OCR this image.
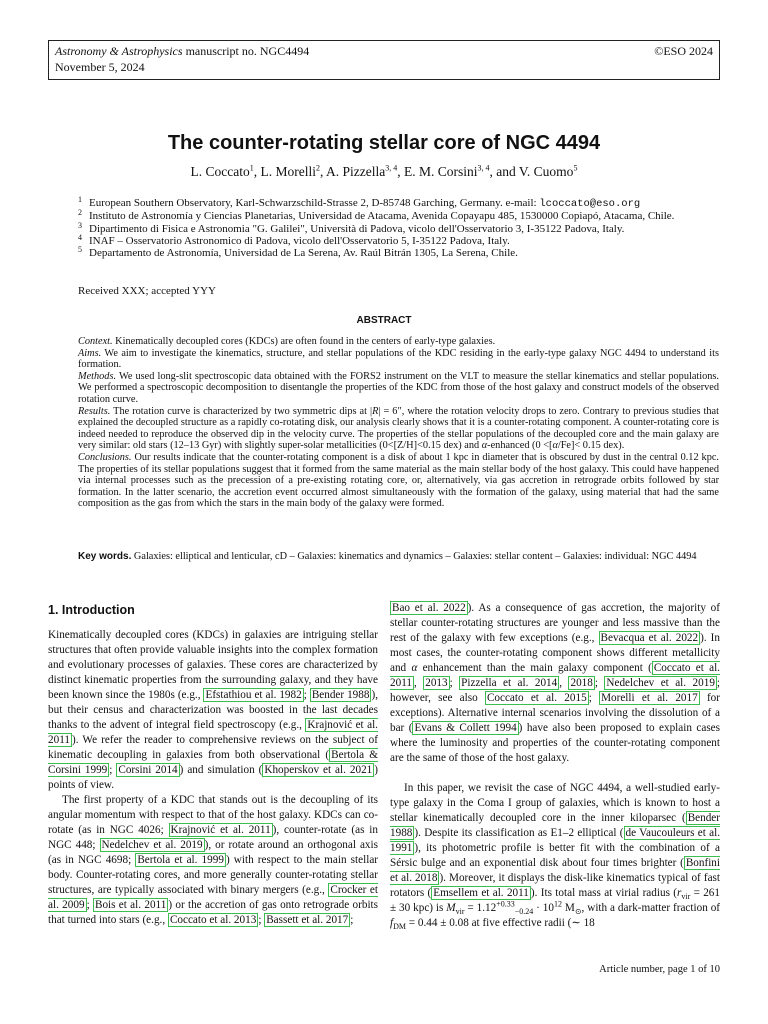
Astronomy & Astrophysics manuscript no. NGC4494
November 5, 2024
©ESO 2024
The counter-rotating stellar core of NGC 4494
L. Coccato$^1$, L. Morelli$^2$, A. Pizzella$^{3, 4}$, E. M. Corsini$^{3, 4}$, and V. Cuomo$^5$
1 European Southern Observatory, Karl-Schwarzschild-Strasse 2, D-85748 Garching, Germany. e-mail: lcoccato@eso.org
2 Instituto de Astronomía y Ciencias Planetarias, Universidad de Atacama, Avenida Copayapu 485, 1530000 Copiapó, Atacama, Chile.
3 Dipartimento di Fisica e Astronomia "G. Galilei", Università di Padova, vicolo dell'Osservatorio 3, I-35122 Padova, Italy.
4 INAF – Osservatorio Astronomico di Padova, vicolo dell'Osservatorio 5, I-35122 Padova, Italy.
5 Departamento de Astronomía, Universidad de La Serena, Av. Raúl Bitrán 1305, La Serena, Chile.
Received XXX; accepted YYY
ABSTRACT
Context. Kinematically decoupled cores (KDCs) are often found in the centers of early-type galaxies.
Aims. We aim to investigate the kinematics, structure, and stellar populations of the KDC residing in the early-type galaxy NGC 4494 to understand its formation.
Methods. We used long-slit spectroscopic data obtained with the FORS2 instrument on the VLT to measure the stellar kinematics and stellar populations. We performed a spectroscopic decomposition to disentangle the properties of the KDC from those of the host galaxy and construct models of the observed rotation curve.
Results. The rotation curve is characterized by two symmetric dips at |R| = 6″, where the rotation velocity drops to zero. Contrary to previous studies that explained the decoupled structure as a rapidly co-rotating disk, our analysis clearly shows that it is a counter-rotating component. A counter-rotating core is indeed needed to reproduce the observed dip in the velocity curve. The properties of the stellar populations of the decoupled core and the main galaxy are very similar: old stars (12–13 Gyr) with slightly super-solar metallicities (0<[Z/H]<0.15 dex) and α-enhanced (0 <[α/Fe]< 0.15 dex).
Conclusions. Our results indicate that the counter-rotating component is a disk of about 1 kpc in diameter that is obscured by dust in the central 0.12 kpc. The properties of its stellar populations suggest that it formed from the same material as the main stellar body of the host galaxy. This could have happened via internal processes such as the precession of a pre-existing rotating core, or, alternatively, via gas accretion in retrograde orbits followed by star formation. In the latter scenario, the accretion event occurred almost simultaneously with the formation of the galaxy, using material that had the same composition as the gas from which the stars in the main body of the galaxy were formed.
Key words. Galaxies: elliptical and lenticular, cD – Galaxies: kinematics and dynamics – Galaxies: stellar content – Galaxies: individual: NGC 4494
1. Introduction

Kinematically decoupled cores (KDCs) in galaxies are intriguing stellar structures that often provide valuable insights into the complex formation and evolutionary processes of galaxies. These cores are characterized by distinct kinematic properties from the surrounding galaxy, and they have been known since the 1980s (e.g., Efstathiou et al. 1982 ; Bender 1988 ), but their census and characterization was boosted in the last decades thanks to the advent of integral field spectroscopy (e.g., Krajnović et al. 2011 ). We refer the reader to comprehensive reviews on the subject of kinematic decoupling in galaxies from both observational ( Bertola & Corsini 1999 ; Corsini 2014 ) and simulation ( Khoperskov et al. 2021 ) points of view.

The first property of a KDC that stands out is the decoupling of its angular momentum with respect to that of the host galaxy. KDCs can co-rotate (as in NGC 4026; Krajnović et al. 2011 ), counter-rotate (as in NGC 448; Nedelchev et al. 2019 ), or rotate around an orthogonal axis (as in NGC 4698; Bertola et al. 1999 ) with respect to the main stellar body. Counter-rotating cores, and more generally counter-rotating stellar structures, are typically associated with binary mergers (e.g., Crocker et al. 2009 ; Bois et al. 2011 ) or the accretion of gas onto retrograde orbits that turned into stars (e.g., Coccato et al. 2013 ; Bassett et al. 2017 ;

Bao et al. 2022 ). As a consequence of gas accretion, the majority of stellar counter-rotating structures are younger and less massive than the rest of the galaxy with few exceptions (e.g., Bevacqua et al. 2022 ). In most cases, the counter-rotating component shows different metallicity and α enhancement than the main galaxy component ( Coccato et al. 2011 , 2013 ; Pizzella et al. 2014 , 2018 ; Nedelchev et al. 2019 ; however, see also Coccato et al. 2015 ; Morelli et al. 2017 for exceptions). Alternative internal scenarios involving the dissolution of a bar ( Evans & Collett 1994 ) have also been proposed to explain cases where the luminosity and properties of the counter-rotating component are the same of those of the host galaxy.

In this paper, we revisit the case of NGC 4494, a well-studied early-type galaxy in the Coma I group of galaxies, which is known to host a stellar kinematically decoupled core in the inner kiloparsec ( Bender 1988 ). Despite its classification as E1–2 elliptical ( de Vaucouleurs et al. 1991 ), its photometric profile is better fit with the combination of a Sérsic bulge and an exponential disk about four times brighter ( Bonfini et al. 2018 ). Moreover, it displays the disk-like kinematics typical of fast rotators ( Emsellem et al. 2011 ). Its total mass at virial radius ($r_{vir} = 261 \pm 30$ kpc) is $M_{vir} = 1.12^{+0.33}_{-0.24} \cdot 10^{12}$ $M_⊙$, with a dark-matter fraction of $f_{DM} = 0.44 \pm 0.08$ at five effective radii (∼ 18

Article number, page 1 of 10
